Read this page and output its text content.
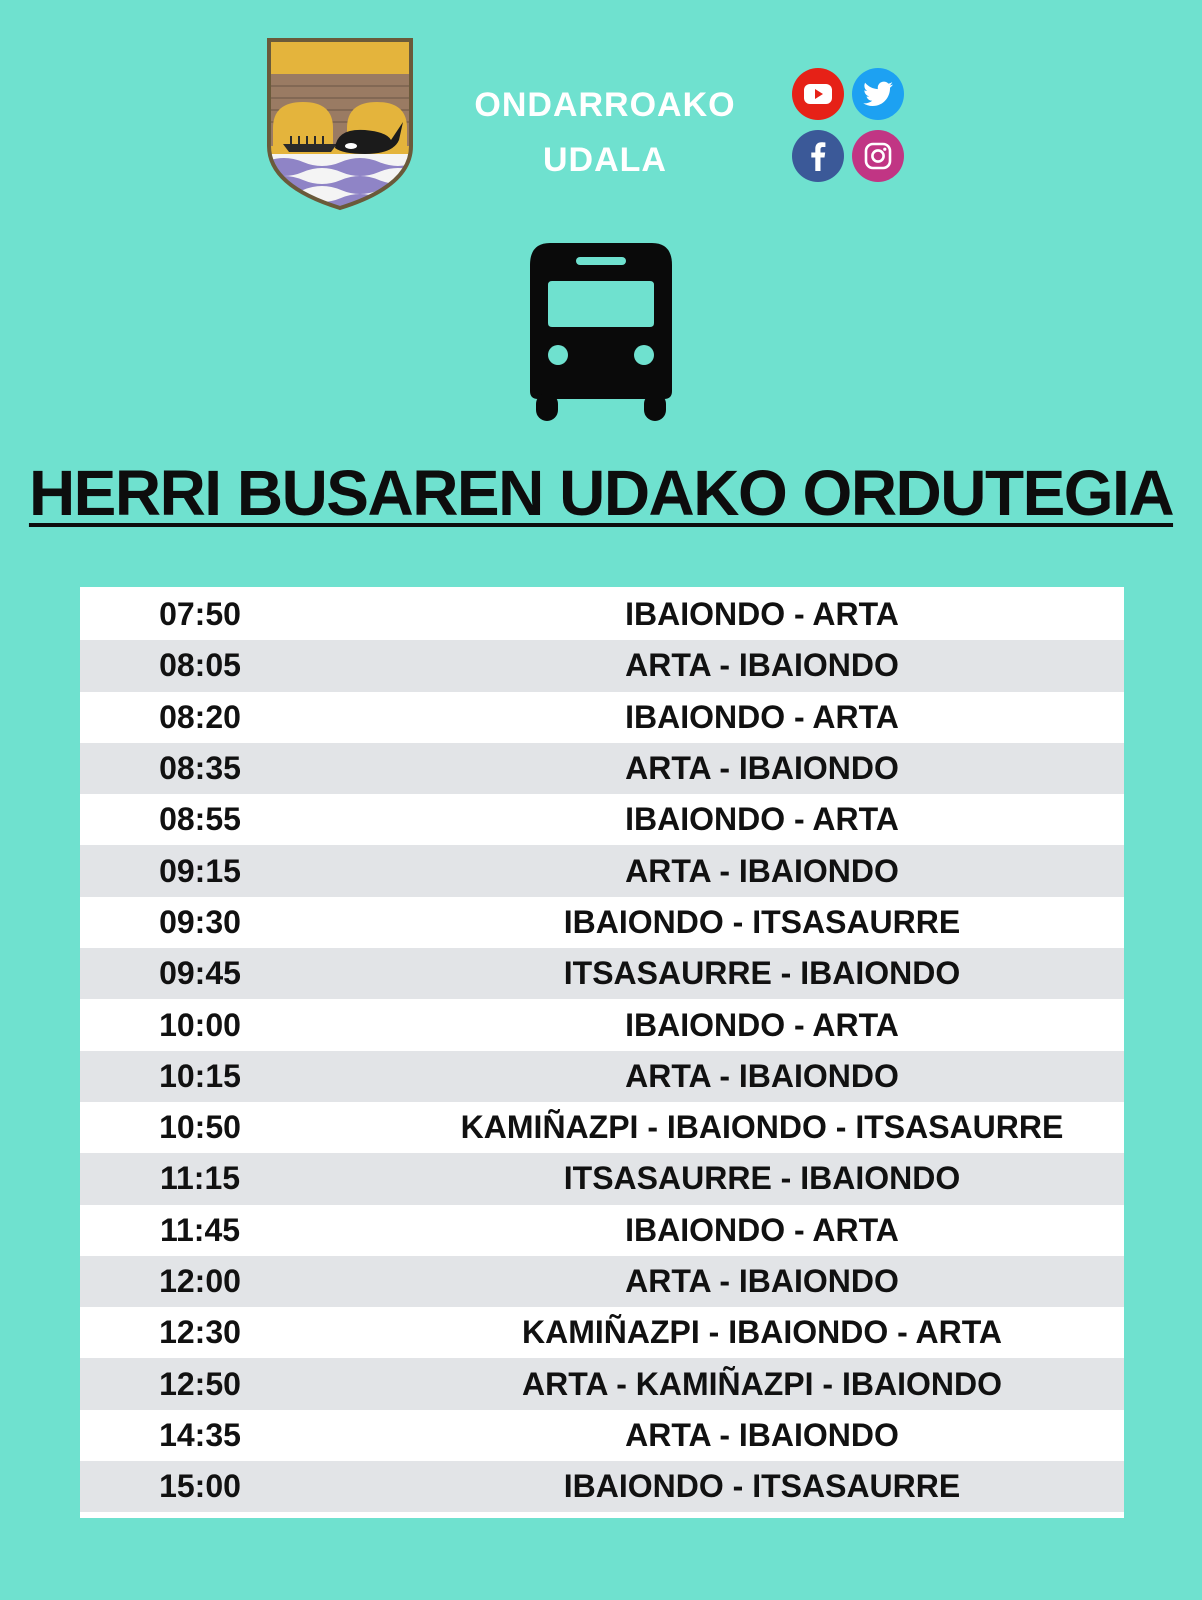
ONDARROAKO
UDALA
HERRI BUSAREN UDAKO ORDUTEGIA
07:50	IBAIONDO - ARTA
08:05	ARTA - IBAIONDO
08:20	IBAIONDO - ARTA
08:35	ARTA - IBAIONDO
08:55	IBAIONDO - ARTA
09:15	ARTA - IBAIONDO
09:30	IBAIONDO - ITSASAURRE
09:45	ITSASAURRE - IBAIONDO
10:00	IBAIONDO - ARTA
10:15	ARTA - IBAIONDO
10:50	KAMIÑAZPI - IBAIONDO - ITSASAURRE
11:15	ITSASAURRE - IBAIONDO
11:45	IBAIONDO - ARTA
12:00	ARTA - IBAIONDO
12:30	KAMIÑAZPI - IBAIONDO - ARTA
12:50	ARTA - KAMIÑAZPI - IBAIONDO
14:35	ARTA - IBAIONDO
15:00	IBAIONDO - ITSASAURRE
